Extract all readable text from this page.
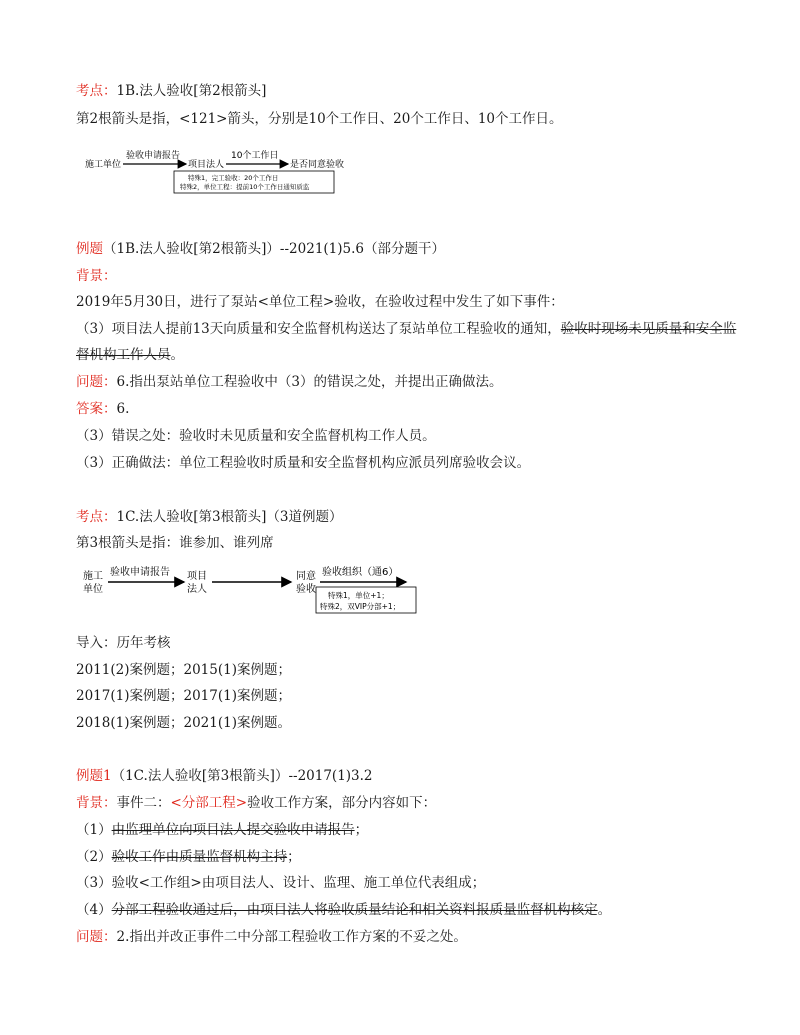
考点：1B.法人验收[第2根箭头]
第2根箭头是指，<121>箭头，分别是10个工作日、20个工作日、10个工作日。
施工单位
验收申请报告
项目法人
10个工作日
是否同意验收
特殊1，完工验收：20个工作日
特殊2，单位工程：提前10个工作日通知质监
例题（1B.法人验收[第2根箭头]）--2021(1)5.6（部分题干）
背景：
2019年5月30日，进行了泵站<单位工程>验收，在验收过程中发生了如下事件：
（3）项目法人提前13天向质量和安全监督机构送达了泵站单位工程验收的通知，验收时现场未见质量和安全监
督机构工作人员。
问题：6.指出泵站单位工程验收中（3）的错误之处，并提出正确做法。
答案：6.
（3）错误之处：验收时未见质量和安全监督机构工作人员。
（3）正确做法：单位工程验收时质量和安全监督机构应派员列席验收会议。
考点：1C.法人验收[第3根箭头]（3道例题）
第3根箭头是指：谁参加、谁列席
施工
单位
验收申请报告 项目
法人
同意
验收
验收组织（通6）
特殊1，单位+1；
特殊2，双VIP分部+1；
导入：历年考核
2011(2)案例题；2015(1)案例题；
2017(1)案例题；2017(1)案例题；
2018(1)案例题；2021(1)案例题。
例题1（1C.法人验收[第3根箭头]）--2017(1)3.2
背景：事件二：<分部工程>验收工作方案，部分内容如下：
（1）由监理单位向项目法人提交验收申请报告；
（2）验收工作由质量监督机构主持；
（3）验收<工作组>由项目法人、设计、监理、施工单位代表组成；
（4）分部工程验收通过后，由项目法人将验收质量结论和相关资料报质量监督机构核定。
问题：2.指出并改正事件二中分部工程验收工作方案的不妥之处。
